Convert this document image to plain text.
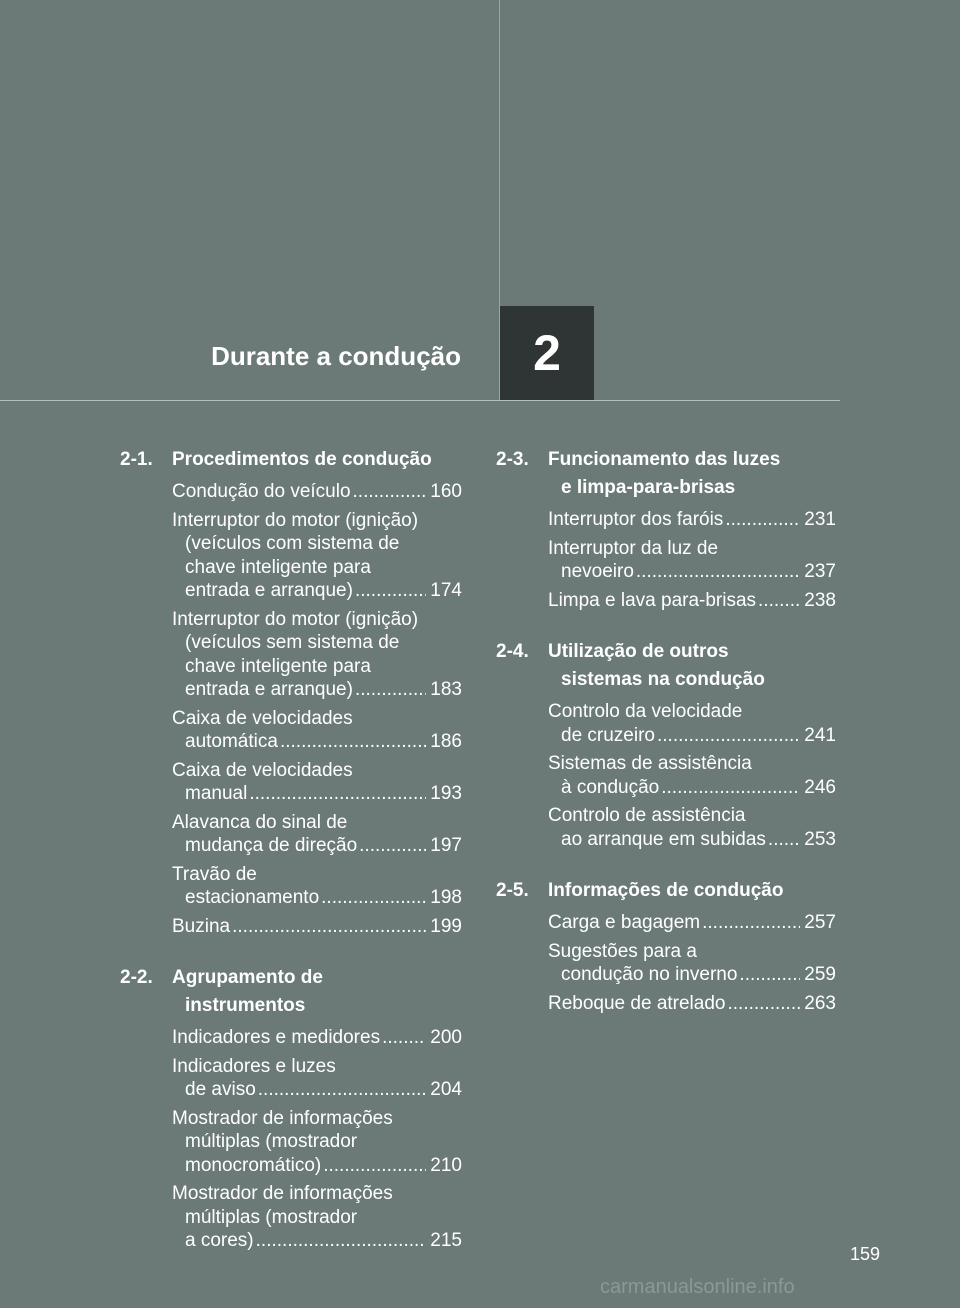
Durante a condução	2
2-1. Procedimentos de condução
Condução do veículo .....	160
Interruptor do motor (ignição)
(veículos com sistema de
chave inteligente para
entrada e arranque) .....	174
Interruptor do motor (ignição)
(veículos sem sistema de
chave inteligente para
entrada e arranque) .....	183
Caixa de velocidades
automática .....	186
Caixa de velocidades
manual .....	193
Alavanca do sinal de
mudança de direção .....	197
Travão de
estacionamento .....	198
Buzina .....	199
2-2. Agrupamento de
instrumentos
Indicadores e medidores .....	200
Indicadores e luzes
de aviso .....	204
Mostrador de informações
múltiplas (mostrador
monocromático) .....	210
Mostrador de informações
múltiplas (mostrador
a cores) .....	215
2-3. Funcionamento das luzes
e limpa-para-brisas
Interruptor dos faróis .....	231
Interruptor da luz de
nevoeiro .....	237
Limpa e lava para-brisas .....	238
2-4. Utilização de outros
sistemas na condução
Controlo da velocidade
de cruzeiro .....	241
Sistemas de assistência
à condução .....	246
Controlo de assistência
ao arranque em subidas ..... 253
2-5. Informações de condução
Carga e bagagem .....	257
Sugestões para a
condução no inverno .....	259
Reboque de atrelado .....	263
159
carmanualsonline.info
